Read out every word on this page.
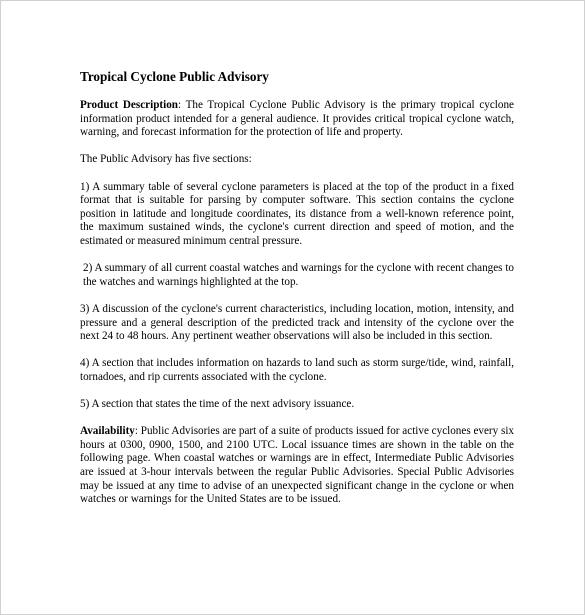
Tropical Cyclone Public Advisory

Product Description: The Tropical Cyclone Public Advisory is the primary tropical cyclone information product intended for a general audience. It provides critical tropical cyclone watch, warning, and forecast information for the protection of life and property.

The Public Advisory has five sections:

1) A summary table of several cyclone parameters is placed at the top of the product in a fixed format that is suitable for parsing by computer software. This section contains the cyclone position in latitude and longitude coordinates, its distance from a well-known reference point, the maximum sustained winds, the cyclone's current direction and speed of motion, and the estimated or measured minimum central pressure.

2) A summary of all current coastal watches and warnings for the cyclone with recent changes to the watches and warnings highlighted at the top.

3) A discussion of the cyclone's current characteristics, including location, motion, intensity, and pressure and a general description of the predicted track and intensity of the cyclone over the next 24 to 48 hours. Any pertinent weather observations will also be included in this section.

4) A section that includes information on hazards to land such as storm surge/tide, wind, rainfall, tornadoes, and rip currents associated with the cyclone.

5) A section that states the time of the next advisory issuance.

Availability: Public Advisories are part of a suite of products issued for active cyclones every six hours at 0300, 0900, 1500, and 2100 UTC. Local issuance times are shown in the table on the following page. When coastal watches or warnings are in effect, Intermediate Public Advisories are issued at 3-hour intervals between the regular Public Advisories. Special Public Advisories may be issued at any time to advise of an unexpected significant change in the cyclone or when watches or warnings for the United States are to be issued.
